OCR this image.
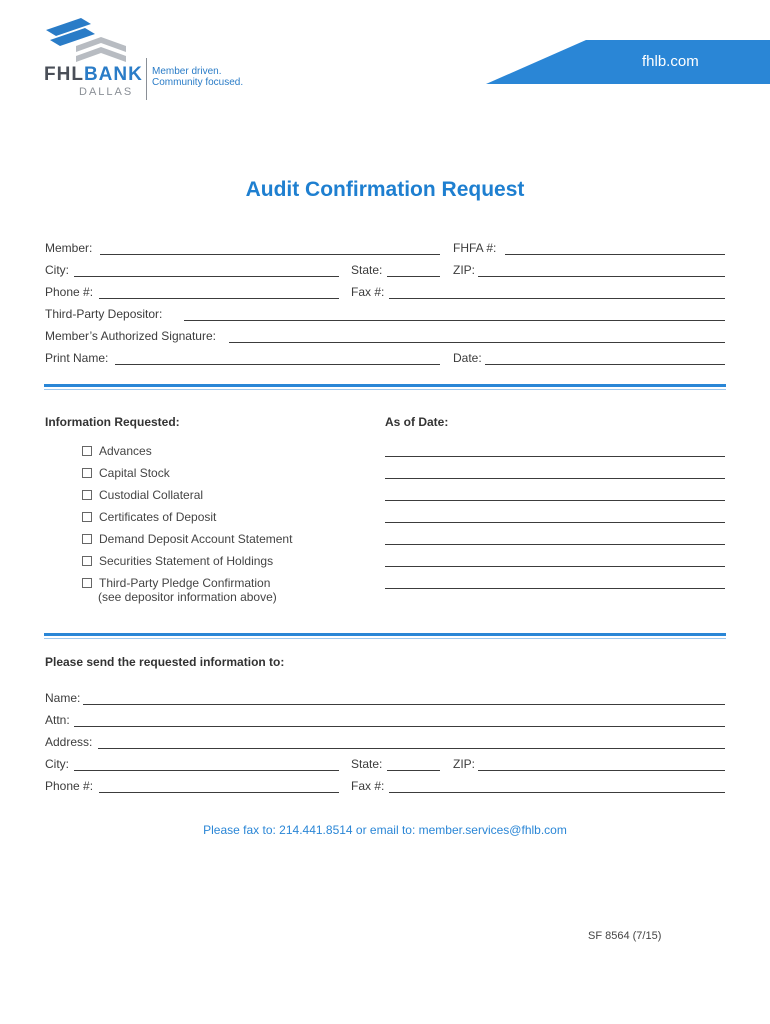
FHLBANK
DALLAS
Member driven.
Community focused.
fhlb.com
Audit Confirmation Request
Member:	FHFA #:
City:	State:	ZIP:
Phone #:	Fax #:
Third-Party Depositor:
Member’s Authorized Signature:
Print Name:	Date:
Information Requested:	As of Date:
Advances
Capital Stock
Custodial Collateral
Certificates of Deposit
Demand Deposit Account Statement
Securities Statement of Holdings
Third-Party Pledge Confirmation
(see depositor information above)
Please send the requested information to:
Name:
Attn:
Address:
City:	State:	ZIP:
Phone #:	Fax #:
Please fax to: 214.441.8514 or email to: member.services@fhlb.com
SF 8564 (7/15)
